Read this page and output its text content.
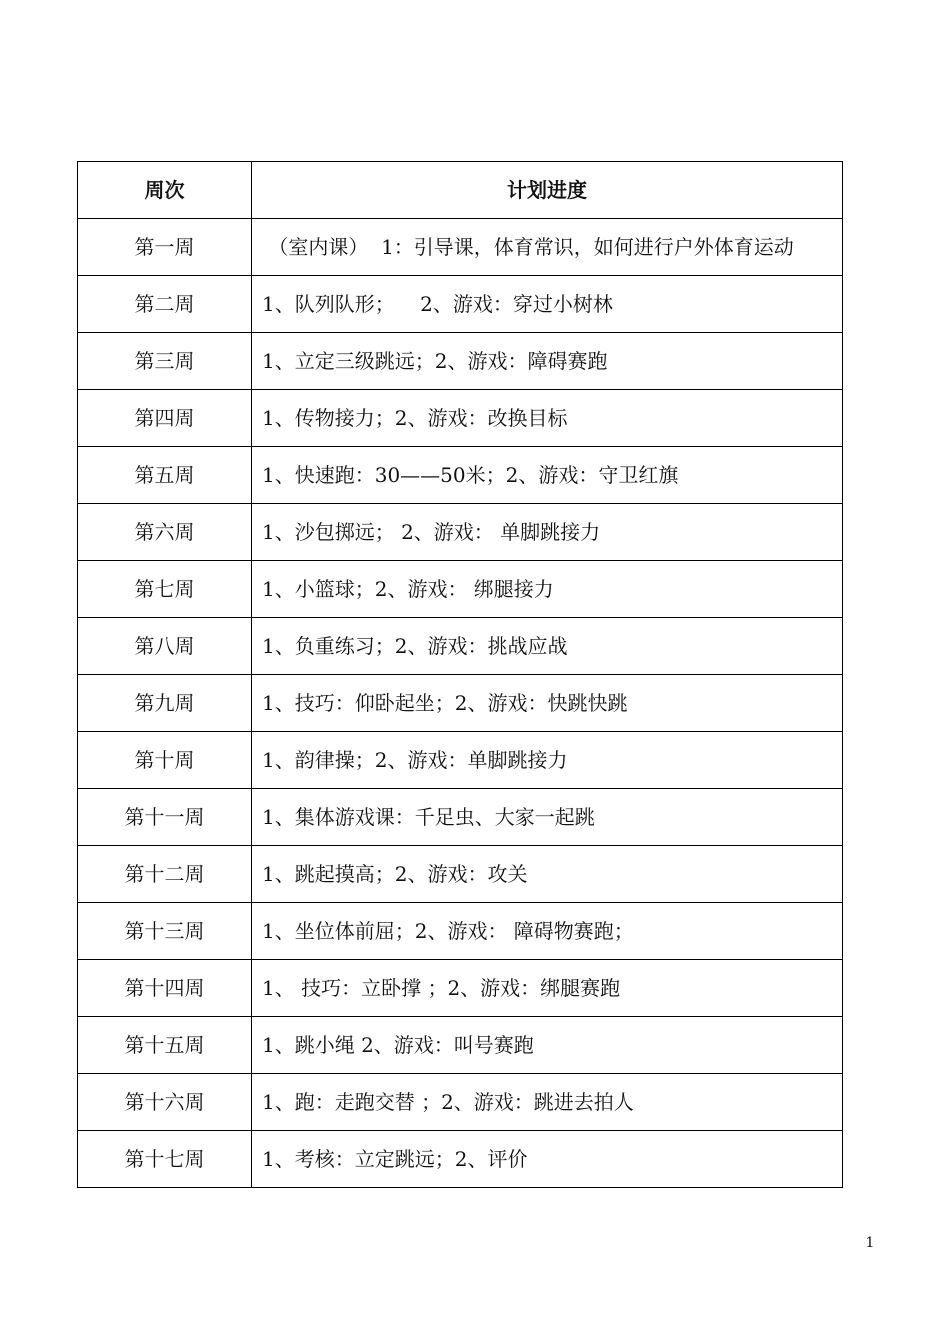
周次	计划进度
第一周	（室内课）  1：引导课，体育常识，如何进行户外体育运动
第二周	1、队列队形；    2、游戏：穿过小树林
第三周	1、立定三级跳远；2、游戏：障碍赛跑
第四周	1、传物接力；2、游戏：改换目标
第五周	1、快速跑：30——50米；2、游戏：守卫红旗
第六周	1、沙包掷远； 2、游戏： 单脚跳接力
第七周	1、小篮球；2、游戏： 绑腿接力
第八周	1、负重练习；2、游戏：挑战应战
第九周	1、技巧：仰卧起坐；2、游戏：快跳快跳
第十周	1、韵律操；2、游戏：单脚跳接力
第十一周	1、集体游戏课：千足虫、大家一起跳
第十二周	1、跳起摸高；2、游戏：攻关
第十三周	1、坐位体前屈；2、游戏： 障碍物赛跑；
第十四周	1、 技巧：立卧撑 ；2、游戏：绑腿赛跑
第十五周	1、跳小绳 2、游戏：叫号赛跑
第十六周	1、跑：走跑交替 ；2、游戏：跳进去拍人
第十七周	1、考核：立定跳远；2、评价
1
